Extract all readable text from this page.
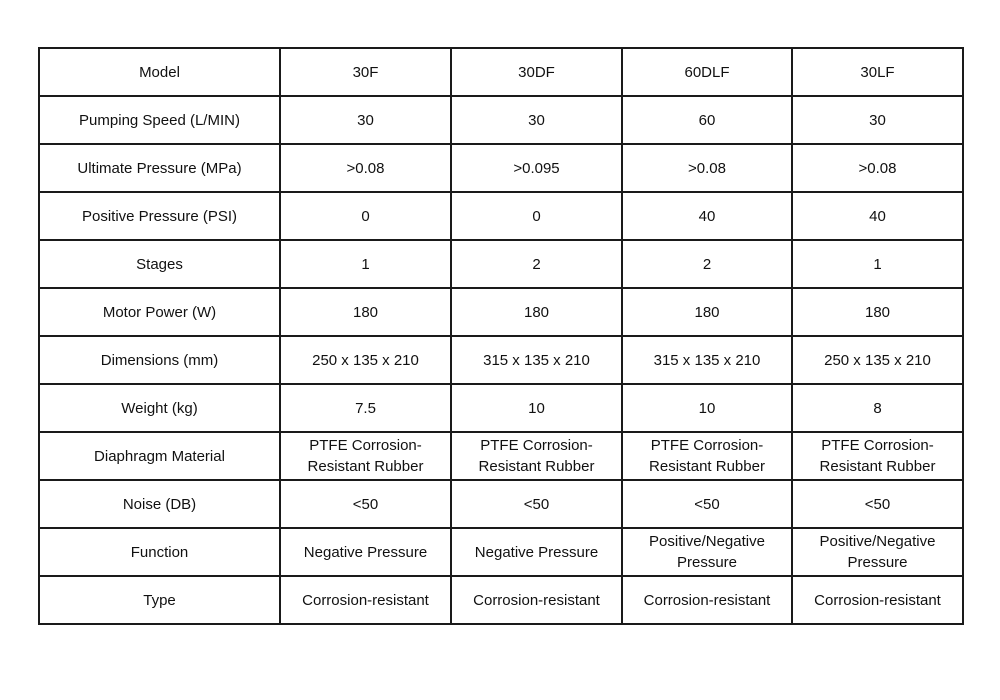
Model	30F	30DF	60DLF	30LF
Pumping Speed (L/MIN)	30	30	60	30
Ultimate Pressure (MPa)	>0.08	>0.095	>0.08	>0.08
Positive Pressure (PSI)	0	0	40	40
Stages	1	2	2	1
Motor Power (W)	180	180	180	180
Dimensions (mm)	250 x 135 x 210	315 x 135 x 210	315 x 135 x 210	250 x 135 x 210
Weight (kg)	7.5	10	10	8
Diaphragm Material	PTFE Corrosion-Resistant Rubber	PTFE Corrosion-Resistant Rubber	PTFE Corrosion-Resistant Rubber	PTFE Corrosion-Resistant Rubber
Noise (DB)	<50	<50	<50	<50
Function	Negative Pressure	Negative Pressure	Positive/Negative Pressure	Positive/Negative Pressure
Type	Corrosion-resistant	Corrosion-resistant	Corrosion-resistant	Corrosion-resistant
